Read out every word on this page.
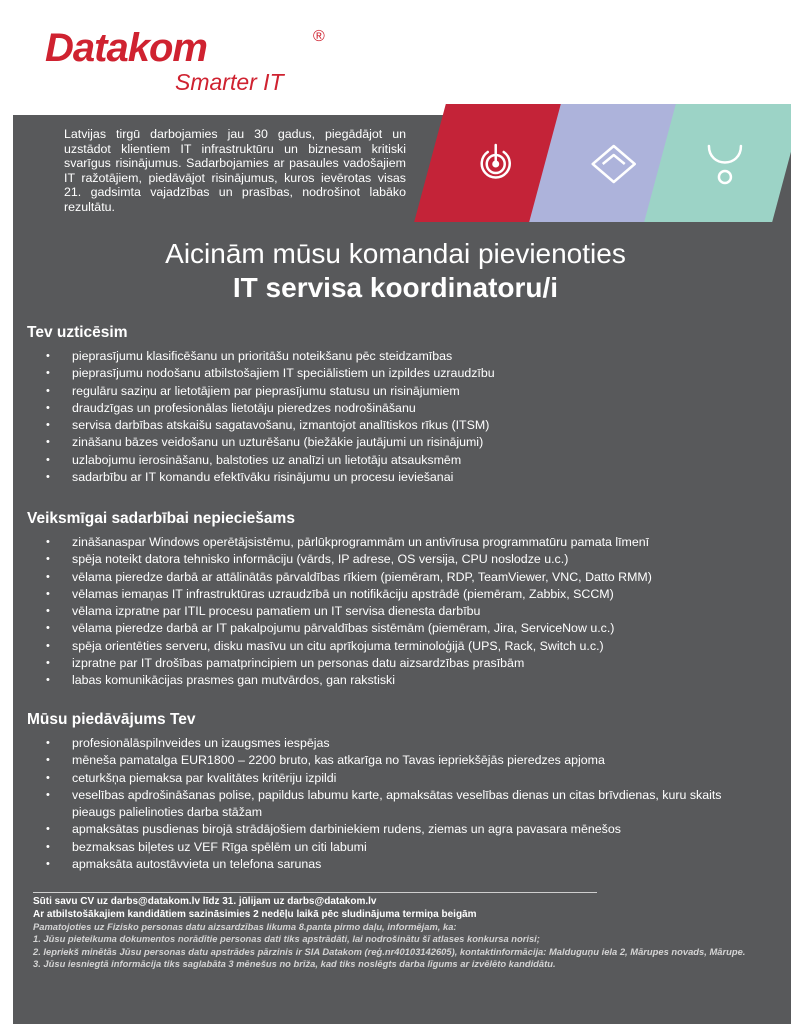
Datakom	®
Smarter IT
Latvijas tirgū darbojamies jau 30 gadus, piegādājot un uzstādot klientiem IT infrastruktūru un biznesam kritiski svarīgus risinājumus. Sadarbojamies ar pasaules vadošajiem IT ražotājiem, piedāvājot risinājumus, kuros ievērotas visas 21. gadsimta vajadzības un prasības, nodrošinot labāko rezultātu.
Aicinām mūsu komandai pievienoties
IT servisa koordinatoru/i
Tev uzticēsim
• pieprasījumu klasificēšanu un prioritāšu noteikšanu pēc steidzamības
• pieprasījumu nodošanu atbilstošajiem IT speciālistiem un izpildes uzraudzību
• regulāru saziņu ar lietotājiem par pieprasījumu statusu un risinājumiem
• draudzīgas un profesionālas lietotāju pieredzes nodrošināšanu
• servisa darbības atskaišu sagatavošanu, izmantojot analītiskos rīkus (ITSM)
• zināšanu bāzes veidošanu un uzturēšanu (biežākie jautājumi un risinājumi)
• uzlabojumu ierosināšanu, balstoties uz analīzi un lietotāju atsauksmēm
• sadarbību ar IT komandu efektīvāku risinājumu un procesu ieviešanai
Veiksmīgai sadarbībai nepieciešams
• zināšanaspar Windows operētājsistēmu, pārlūkprogrammām un antivīrusa programmatūru pamata līmenī
• spēja noteikt datora tehnisko informāciju (vārds, IP adrese, OS versija, CPU noslodze u.c.)
• vēlama pieredze darbā ar attālinātās pārvaldības rīkiem (piemēram, RDP, TeamViewer, VNC, Datto RMM)
• vēlamas iemaņas IT infrastruktūras uzraudzībā un notifikāciju apstrādē (piemēram, Zabbix, SCCM)
• vēlama izpratne par ITIL procesu pamatiem un IT servisa dienesta darbību
• vēlama pieredze darbā ar IT pakalpojumu pārvaldības sistēmām (piemēram, Jira, ServiceNow u.c.)
• spēja orientēties serveru, disku masīvu un citu aprīkojuma terminoloģijā (UPS, Rack, Switch u.c.)
• izpratne par IT drošības pamatprincipiem un personas datu aizsardzības prasībām
• labas komunikācijas prasmes gan mutvārdos, gan rakstiski
Mūsu piedāvājums Tev
• profesionālāspilnveides un izaugsmes iespējas
• mēneša pamatalga EUR1800 – 2200 bruto, kas atkarīga no Tavas iepriekšējās pieredzes apjoma
• ceturkšņa piemaksa par kvalitātes kritēriju izpildi
• veselības apdrošināšanas polise, papildus labumu karte, apmaksātas veselības dienas un citas brīvdienas, kuru skaits pieaugs palielinoties darba stāžam
• apmaksātas pusdienas birojā strādājošiem darbiniekiem rudens, ziemas un agra pavasara mēnešos
• bezmaksas biļetes uz VEF Rīga spēlēm un citi labumi
• apmaksāta autostāvvieta un telefona sarunas
Sūti savu CV uz darbs@datakom.lv līdz 31. jūlijam uz darbs@datakom.lv
Ar atbilstošākajiem kandidātiem sazināsimies 2 nedēļu laikā pēc sludinājuma termiņa beigām
Pamatojoties uz Fizisko personas datu aizsardzības likuma 8.panta pirmo daļu, informējam, ka:
1. Jūsu pieteikuma dokumentos norādītie personas dati tiks apstrādāti, lai nodrošinātu šī atlases konkursa norisi;
2. Iepriekš minētās Jūsu personas datu apstrādes pārzinis ir SIA Datakom (reģ.nr40103142605), kontaktinformācija: Malduguņu iela 2, Mārupes novads, Mārupe.
3. Jūsu iesniegtā informācija tiks saglabāta 3 mēnešus no brīža, kad tiks noslēgts darba līgums ar izvēlēto kandidātu.
